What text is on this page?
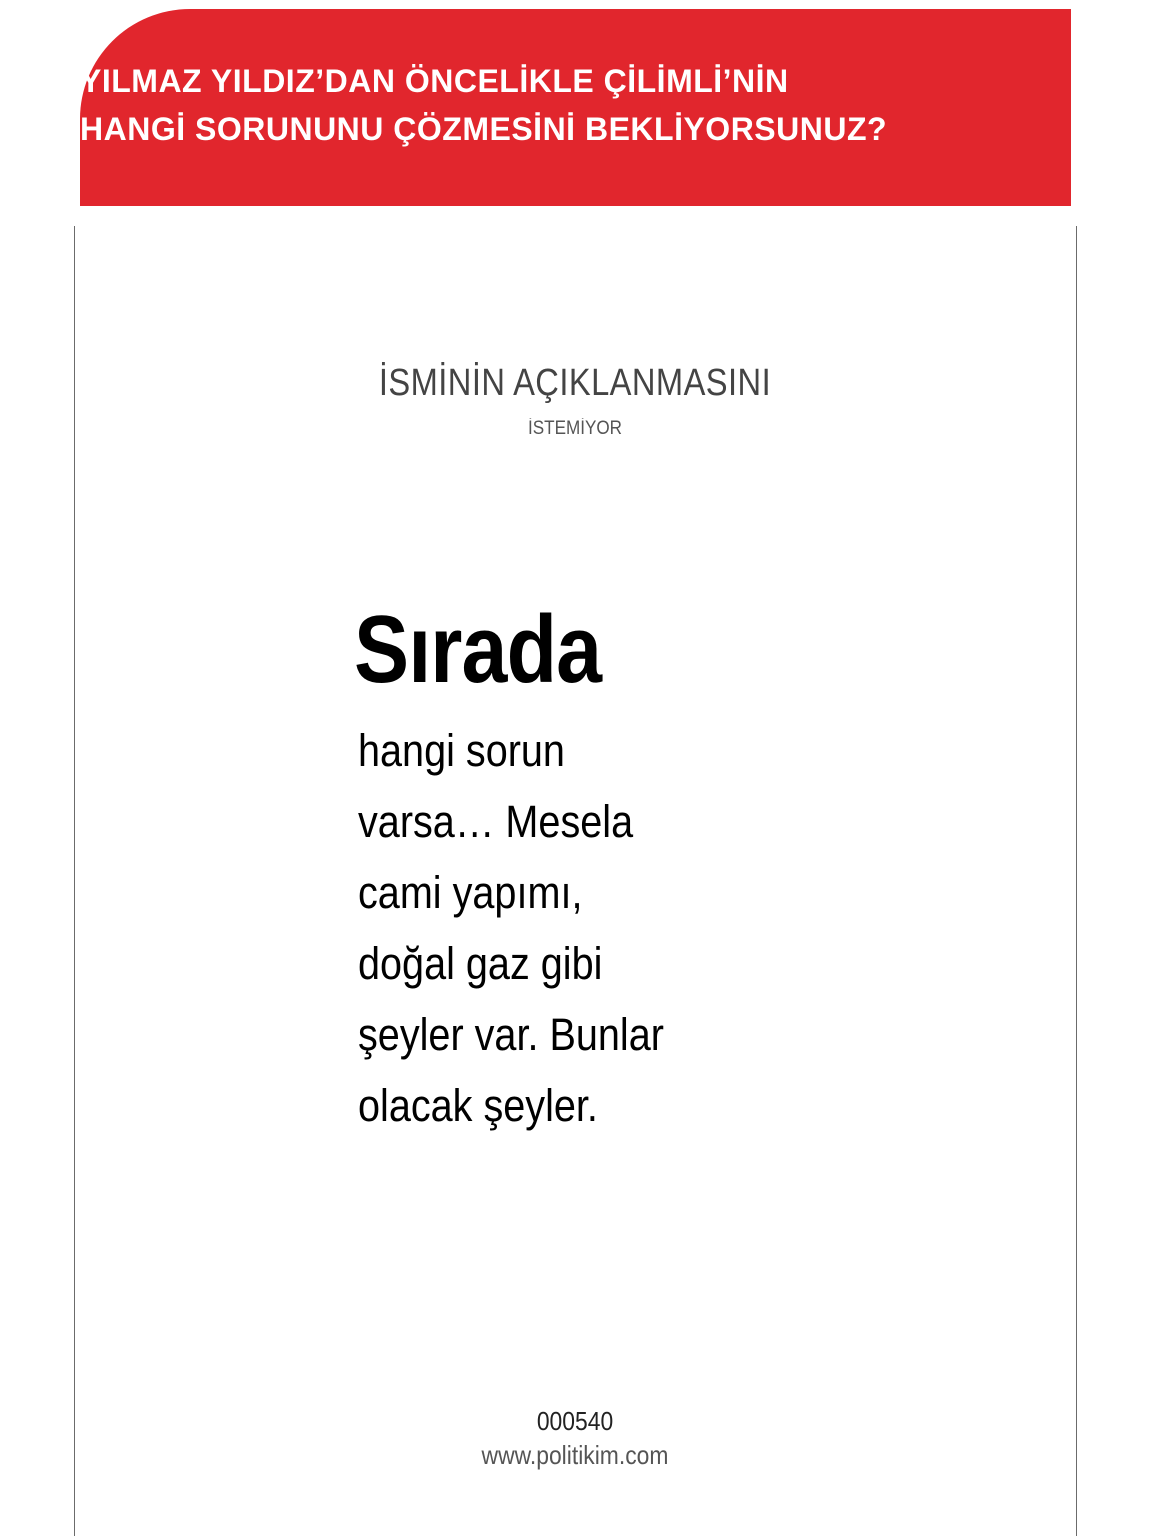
YILMAZ YILDIZ’DAN ÖNCELİKLE ÇİLİMLİ’NİN
HANGİ SORUNUNU ÇÖZMESİNİ BEKLİYORSUNUZ?

İSMİNİN AÇIKLANMASINI

İSTEMİYOR

Sırada

hangi sorun
varsa… Mesela
cami yapımı,
doğal gaz gibi
şeyler var. Bunlar
olacak şeyler.

000540

www.politikim.com
